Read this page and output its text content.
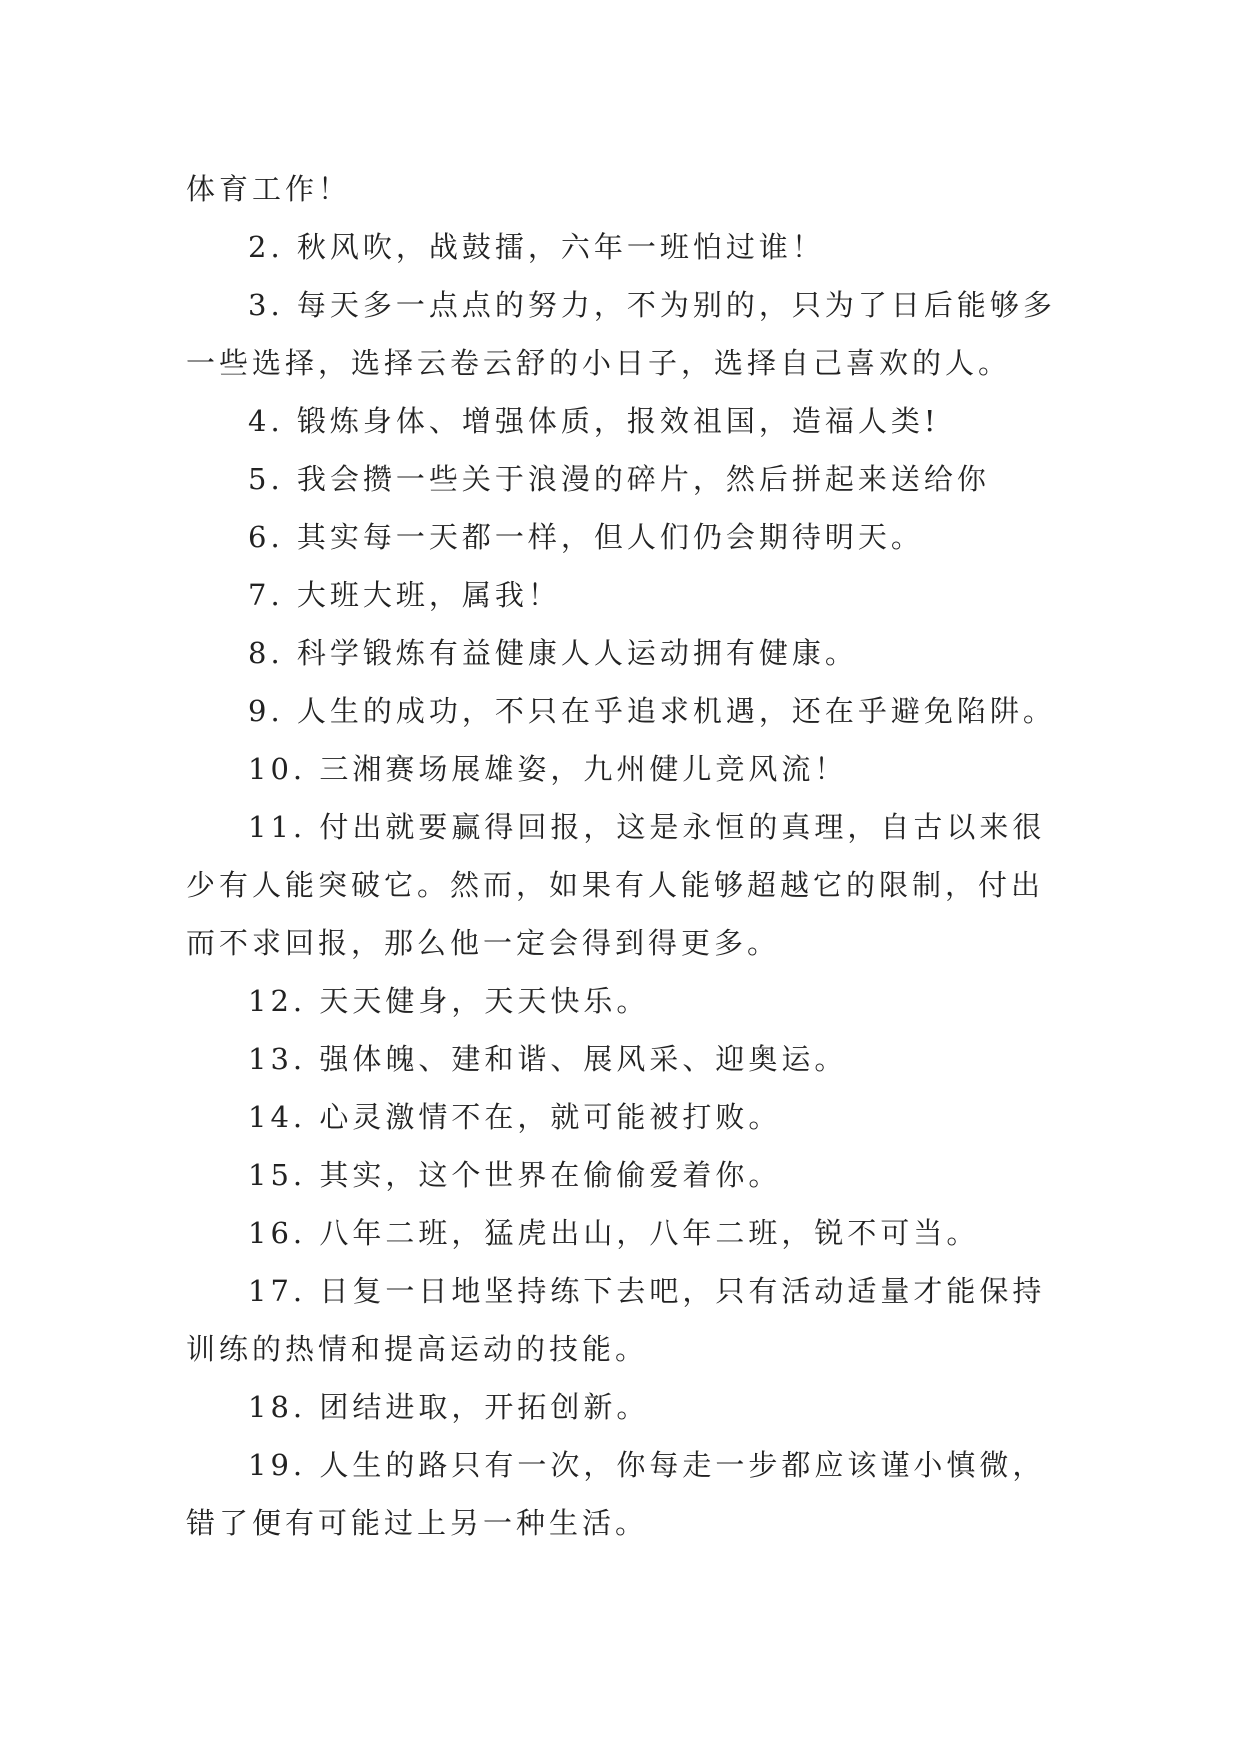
体育工作！
2. 秋风吹，战鼓擂，六年一班怕过谁！
3. 每天多一点点的努力，不为别的，只为了日后能够多
一些选择，选择云卷云舒的小日子，选择自己喜欢的人。
4. 锻炼身体、增强体质，报效祖国，造福人类!
5. 我会攒一些关于浪漫的碎片，然后拼起来送给你
6. 其实每一天都一样，但人们仍会期待明天。
7. 大班大班，属我！
8. 科学锻炼有益健康人人运动拥有健康。
9. 人生的成功，不只在乎追求机遇，还在乎避免陷阱。
10. 三湘赛场展雄姿，九州健儿竞风流！
11. 付出就要赢得回报，这是永恒的真理，自古以来很
少有人能突破它。然而，如果有人能够超越它的限制，付出
而不求回报，那么他一定会得到得更多。
12. 天天健身，天天快乐。
13. 强体魄、建和谐、展风采、迎奥运。
14. 心灵激情不在，就可能被打败。
15. 其实，这个世界在偷偷爱着你。
16. 八年二班，猛虎出山，八年二班，锐不可当。
17. 日复一日地坚持练下去吧，只有活动适量才能保持
训练的热情和提高运动的技能。
18. 团结进取，开拓创新。
19. 人生的路只有一次，你每走一步都应该谨小慎微，
错了便有可能过上另一种生活。
